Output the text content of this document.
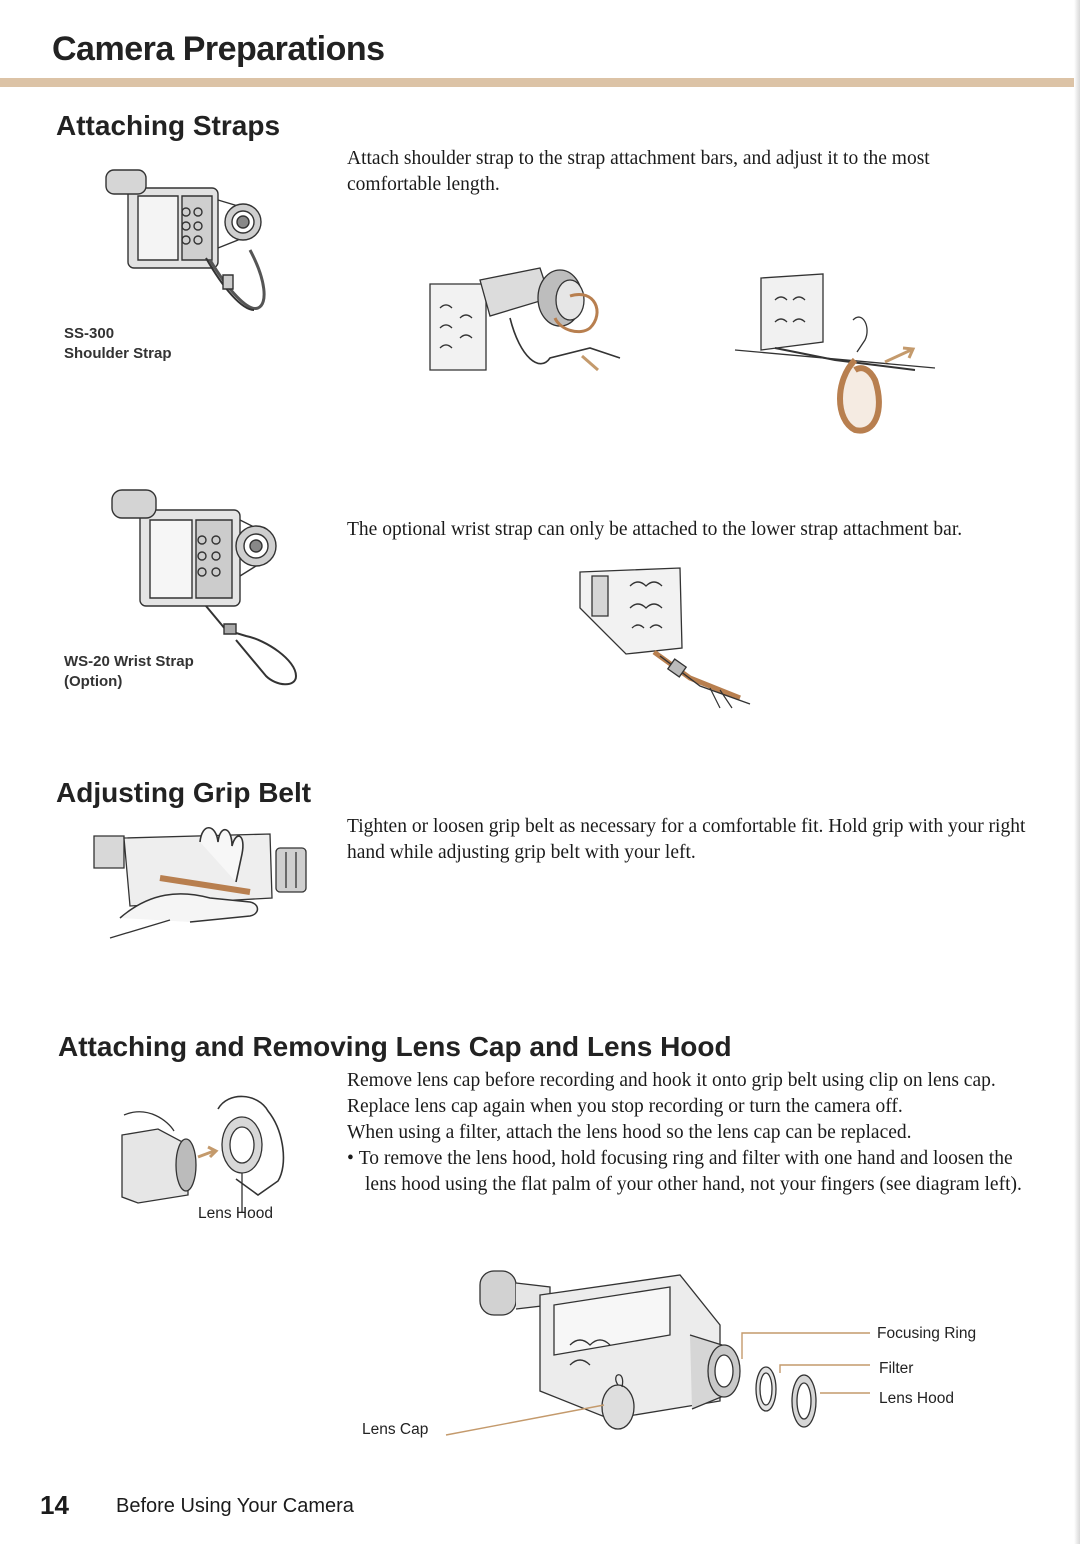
Camera Preparations
Attaching Straps
Attach shoulder strap to the strap attachment bars, and adjust it to the most comfortable length.
SS-300
Shoulder Strap
WS-20 Wrist Strap
(Option)
The optional wrist strap can only be attached to the lower strap attachment bar.
Adjusting Grip Belt
Tighten or loosen grip belt as necessary for a comfortable fit. Hold grip with your right hand while adjusting grip belt with your left.
Attaching and Removing Lens Cap and Lens Hood

Remove lens cap before recording and hook it onto grip belt using clip on lens cap. Replace lens cap again when you stop recording or turn the camera off.

When using a filter, attach the lens hood so the lens cap can be replaced.

• To remove the lens hood, hold focusing ring and filter with one hand and loosen the lens hood using the flat palm of your other hand, not your fingers (see diagram left).
Lens Hood
Focusing Ring
Filter
Lens Hood
Lens Cap
14 Before Using Your Camera
